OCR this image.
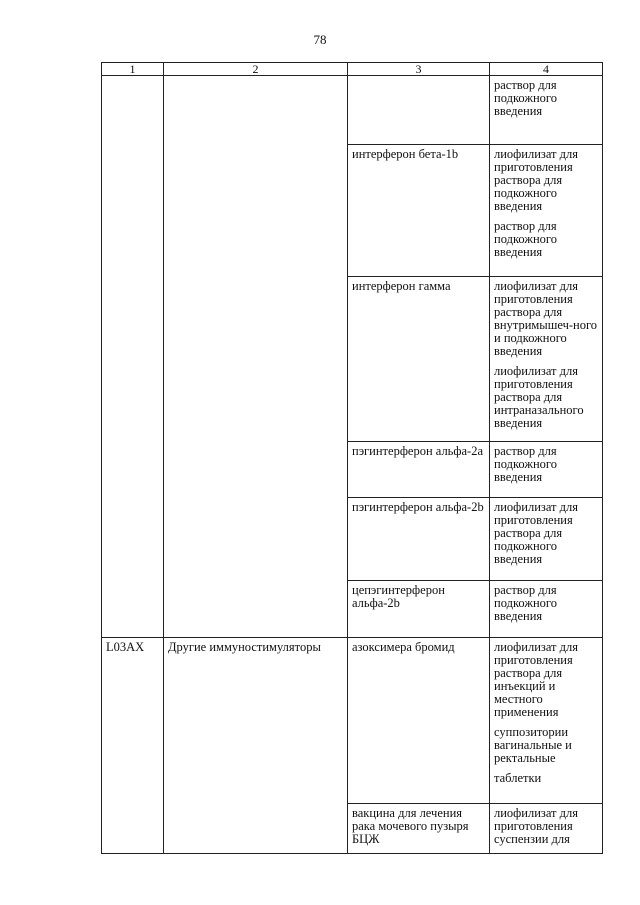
78
1	2	3	4

			раствор для подкожного введения

		интерферон бета-1b	лиофилизат для приготовления раствора для подкожного введения
раствор для подкожного введения

		интерферон гамма	лиофилизат для приготовления раствора для внутримышеч-ного и подкожного введения
лиофилизат для приготовления раствора для интраназального введения

		пэгинтерферон альфа-2a	раствор для подкожного введения

		пэгинтерферон альфа-2b	лиофилизат для приготовления раствора для подкожного введения

		цепэгинтерферон альфа-2b	раствор для подкожного введения

L03AX	Другие иммуностимуляторы	азоксимера бромид	лиофилизат для приготовления раствора для инъекций и местного применения
суппозитории вагинальные и ректальные
таблетки

		вакцина для лечения рака мочевого пузыря БЦЖ	лиофилизат для приготовления суспензии для
